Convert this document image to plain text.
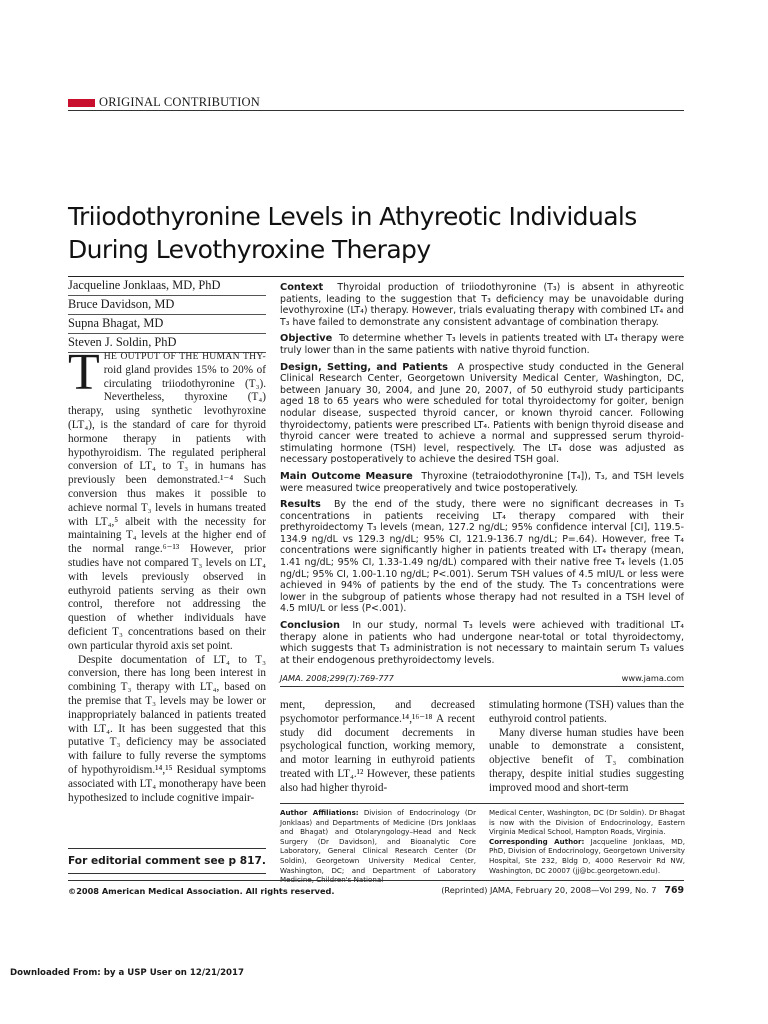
ORIGINAL CONTRIBUTION
Triiodothyronine Levels in Athyreotic Individuals During Levothyroxine Therapy
Jacqueline Jonklaas, MD, PhD
Bruce Davidson, MD
Supna Bhagat, MD
Steven J. Soldin, PhD

THE OUTPUT OF THE HUMAN THY- roid gland provides 15% to 20% of circulating triiodothyronine (T₃). Nevertheless, thyroxine (T₄) therapy, using synthetic levothyroxine (LT₄), is the standard of care for thyroid hormone therapy in patients with hypothyroidism. The regulated peripheral conversion of LT₄ to T₃ in humans has previously been demonstrated.¹⁻⁴ Such conversion thus makes it possible to achieve normal T₃ levels in humans treated with LT₄,⁵ albeit with the necessity for maintaining T₄ levels at the higher end of the normal range.⁶⁻¹³ However, prior studies have not compared T₃ levels on LT₄ with levels previously observed in euthyroid patients serving as their own control, therefore not addressing the question of whether individuals have deficient T₃ concentrations based on their own particular thyroid axis set point.

Despite documentation of LT₄ to T₃ conversion, there has long been interest in combining T₃ therapy with LT₄, based on the premise that T₃ levels may be lower or inappropriately balanced in patients treated with LT₄. It has been suggested that this putative T₃ deficiency may be associated with failure to fully reverse the symptoms of hypothyroidism.¹⁴,¹⁵ Residual symptoms associated with LT₄ monotherapy have been hypothesized to include cognitive impair-

For editorial comment see p 817.

Context Thyroidal production of triiodothyronine (T₃) is absent in athyreotic patients, leading to the suggestion that T₃ deficiency may be unavoidable during levothyroxine (LT₄) therapy. However, trials evaluating therapy with combined LT₄ and T₃ have failed to demonstrate any consistent advantage of combination therapy.

Objective To determine whether T₃ levels in patients treated with LT₄ therapy were truly lower than in the same patients with native thyroid function.

Design, Setting, and Patients A prospective study conducted in the General Clinical Research Center, Georgetown University Medical Center, Washington, DC, between January 30, 2004, and June 20, 2007, of 50 euthyroid study participants aged 18 to 65 years who were scheduled for total thyroidectomy for goiter, benign nodular disease, suspected thyroid cancer, or known thyroid cancer. Following thyroidectomy, patients were prescribed LT₄. Patients with benign thyroid disease and thyroid cancer were treated to achieve a normal and suppressed serum thyroid-stimulating hormone (TSH) level, respectively. The LT₄ dose was adjusted as necessary postoperatively to achieve the desired TSH goal.

Main Outcome Measure Thyroxine (tetraiodothyronine [T₄]), T₃, and TSH levels were measured twice preoperatively and twice postoperatively.

Results By the end of the study, there were no significant decreases in T₃ concentrations in patients receiving LT₄ therapy compared with their prethyroidectomy T₃ levels (mean, 127.2 ng/dL; 95% confidence interval [CI], 119.5-134.9 ng/dL vs 129.3 ng/dL; 95% CI, 121.9-136.7 ng/dL; P=.64). However, free T₄ concentrations were significantly higher in patients treated with LT₄ therapy (mean, 1.41 ng/dL; 95% CI, 1.33-1.49 ng/dL) compared with their native free T₄ levels (1.05 ng/dL; 95% CI, 1.00-1.10 ng/dL; P<.001). Serum TSH values of 4.5 mIU/L or less were achieved in 94% of patients by the end of the study. The T₃ concentrations were lower in the subgroup of patients whose therapy had not resulted in a TSH level of 4.5 mIU/L or less (P<.001).

Conclusion In our study, normal T₃ levels were achieved with traditional LT₄ therapy alone in patients who had undergone near-total or total thyroidectomy, which suggests that T₃ administration is not necessary to maintain serum T₃ values at their endogenous prethyroidectomy levels.

JAMA. 2008;299(7):769-777	www.jama.com

ment, depression, and decreased psychomotor performance.¹⁴,¹⁶⁻¹⁸ A recent study did document decrements in psychological function, working memory, and motor learning in euthyroid patients treated with LT₄.¹² However, these patients also had higher thyroid-

stimulating hormone (TSH) values than the euthyroid control patients.

Many diverse human studies have been unable to demonstrate a consistent, objective benefit of T₃ combination therapy, despite initial studies suggesting improved mood and short-term

Author Affiliations: Division of Endocrinology (Dr Jonklaas) and Departments of Medicine (Drs Jonklaas and Bhagat) and Otolaryngology–Head and Neck Surgery (Dr Davidson), and Bioanalytic Core Laboratory, General Clinical Research Center (Dr Soldin), Georgetown University Medical Center, Washington, DC; and Department of Laboratory Medicine, Children's National

Medical Center, Washington, DC (Dr Soldin). Dr Bhagat is now with the Division of Endocrinology, Eastern Virginia Medical School, Hampton Roads, Virginia.

Corresponding Author: Jacqueline Jonklaas, MD, PhD, Division of Endocrinology, Georgetown University Hospital, Ste 232, Bldg D, 4000 Reservoir Rd NW, Washington, DC 20007 (jj@bc.georgetown.edu).

©2008 American Medical Association. All rights reserved.	(Reprinted) JAMA, February 20, 2008—Vol 299, No. 7 769
Downloaded From: by a USP User on 12/21/2017
